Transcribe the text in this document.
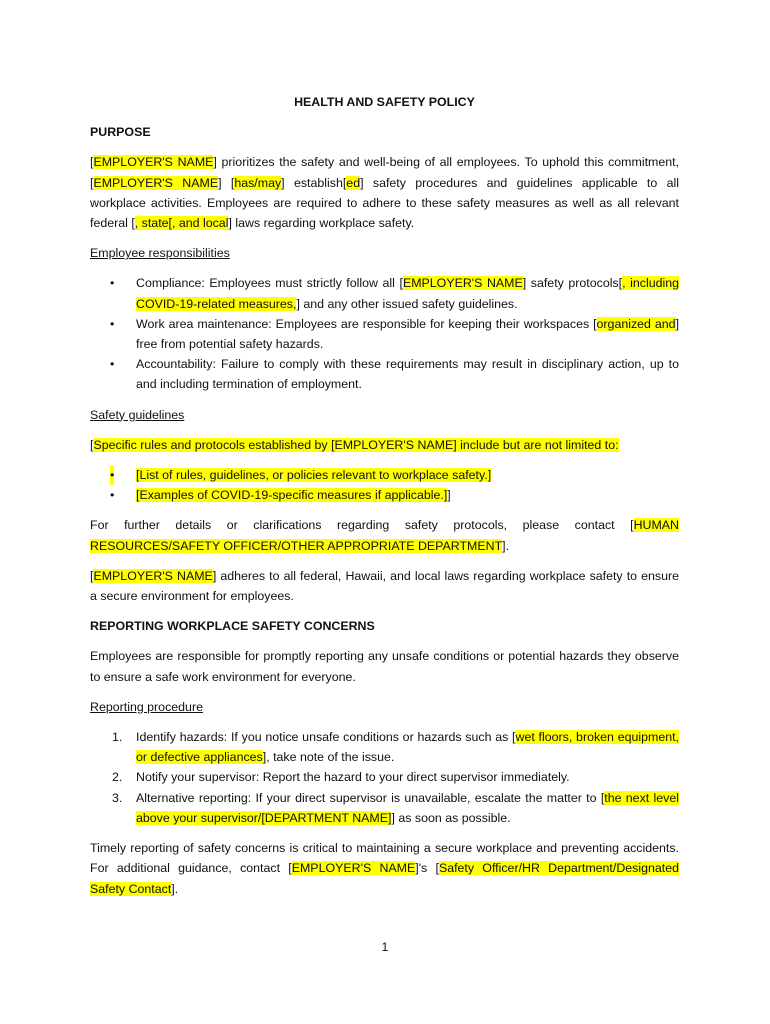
HEALTH AND SAFETY POLICY

PURPOSE

[EMPLOYER'S NAME] prioritizes the safety and well-being of all employees. To uphold this commitment, [EMPLOYER'S NAME] [has/may] establish[ed] safety procedures and guidelines applicable to all workplace activities. Employees are required to adhere to these safety measures as well as all relevant federal [, state[, and local] laws regarding workplace safety.

Employee responsibilities

• Compliance: Employees must strictly follow all [EMPLOYER'S NAME] safety protocols[, including COVID-19-related measures,] and any other issued safety guidelines.
• Work area maintenance: Employees are responsible for keeping their workspaces [organized and] free from potential safety hazards.
• Accountability: Failure to comply with these requirements may result in disciplinary action, up to and including termination of employment.

Safety guidelines

[Specific rules and protocols established by [EMPLOYER'S NAME] include but are not limited to:

• [List of rules, guidelines, or policies relevant to workplace safety.]
• [Examples of COVID-19-specific measures if applicable.]]

For further details or clarifications regarding safety protocols, please contact [HUMAN RESOURCES/SAFETY OFFICER/OTHER APPROPRIATE DEPARTMENT].

[EMPLOYER'S NAME] adheres to all federal, Hawaii, and local laws regarding workplace safety to ensure a secure environment for employees.

REPORTING WORKPLACE SAFETY CONCERNS

Employees are responsible for promptly reporting any unsafe conditions or potential hazards they observe to ensure a safe work environment for everyone.

Reporting procedure

1. Identify hazards: If you notice unsafe conditions or hazards such as [wet floors, broken equipment, or defective appliances], take note of the issue.
2. Notify your supervisor: Report the hazard to your direct supervisor immediately.
3. Alternative reporting: If your direct supervisor is unavailable, escalate the matter to [the next level above your supervisor/[DEPARTMENT NAME]] as soon as possible.

Timely reporting of safety concerns is critical to maintaining a secure workplace and preventing accidents. For additional guidance, contact [EMPLOYER'S NAME]'s [Safety Officer/HR Department/Designated Safety Contact].

1
